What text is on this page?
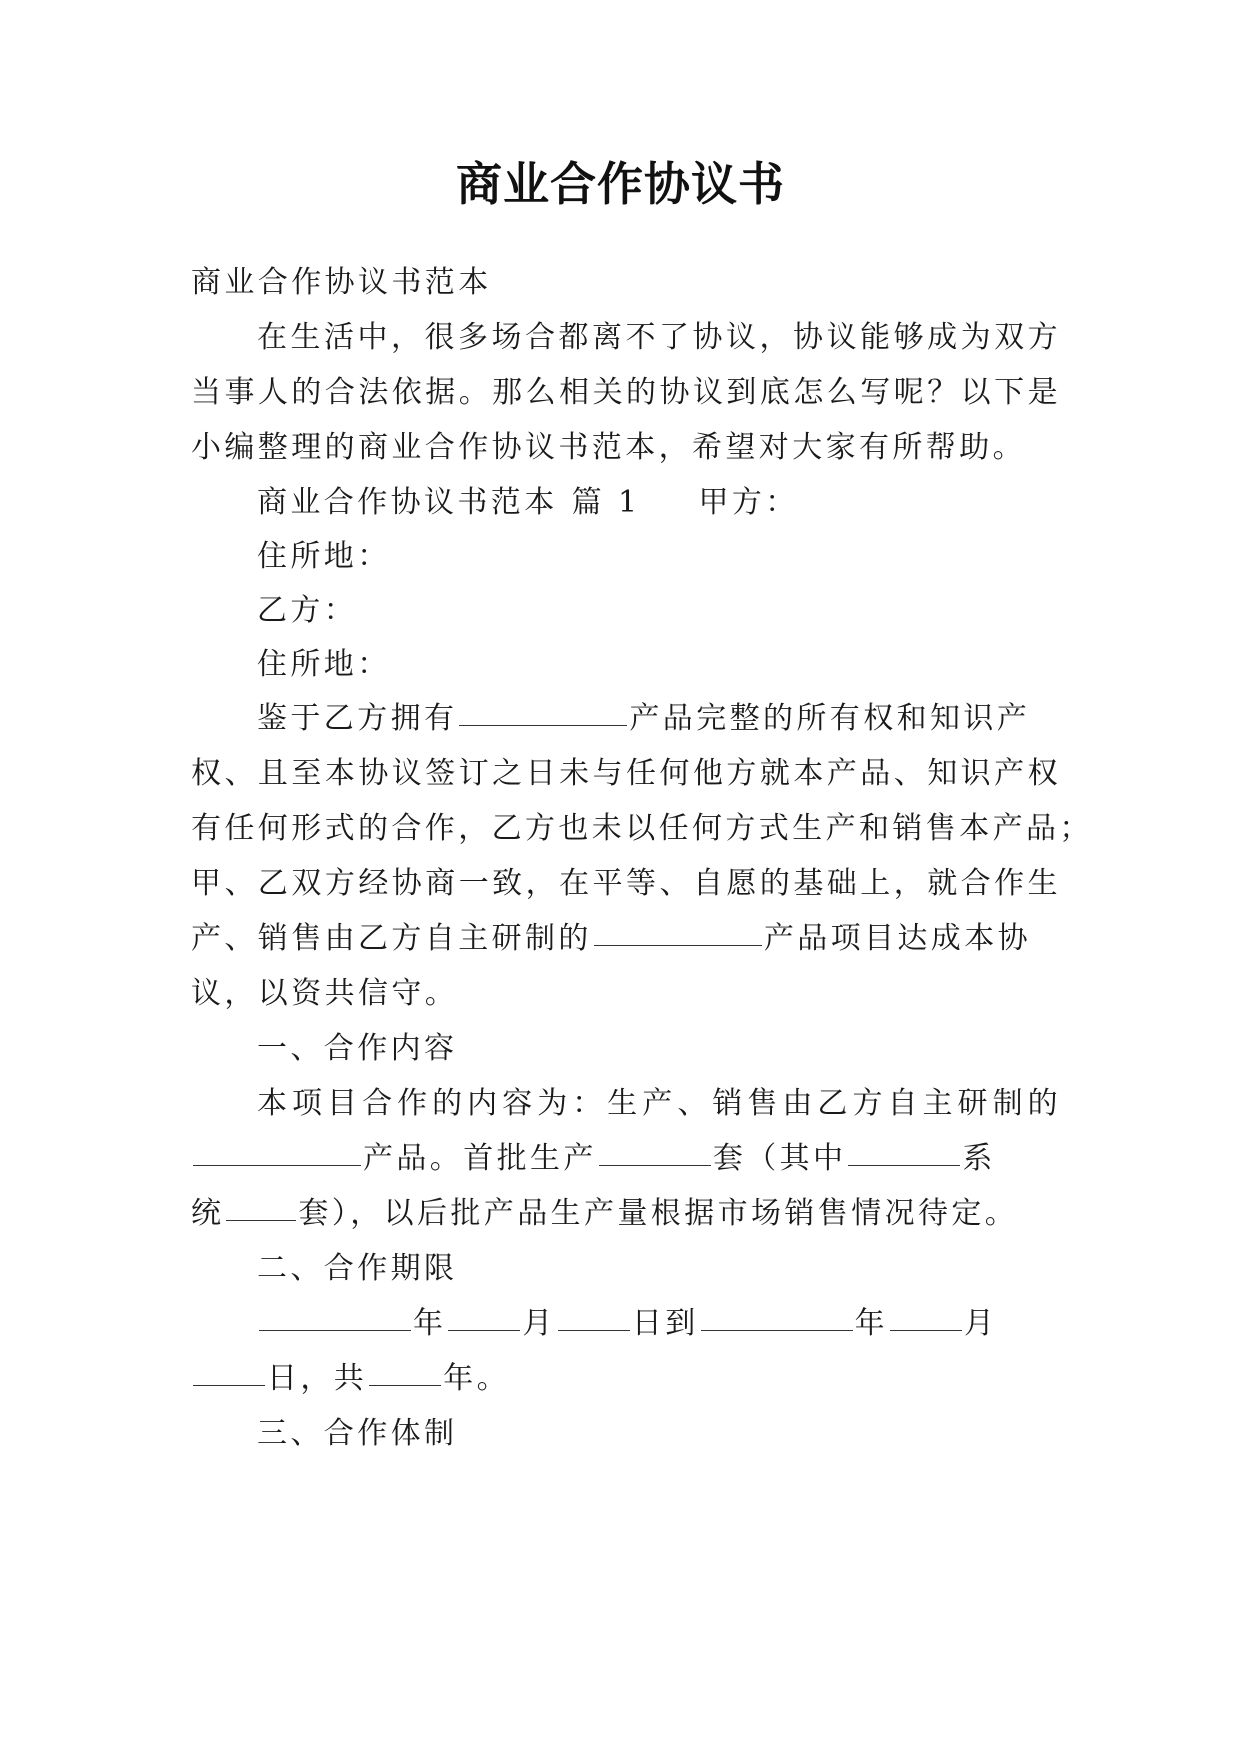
商业合作协议书
商业合作协议书范本
在生活中，很多场合都离不了协议，协议能够成为双方
当事人的合法依据。那么相关的协议到底怎么写呢？以下是
小编整理的商业合作协议书范本，希望对大家有所帮助。
商业合作协议书范本 篇 1 甲方：
住所地：
乙方：
住所地：
鉴于乙方拥有	产品完整的所有权和知识产
权、且至本协议签订之日未与任何他方就本产品、知识产权
有任何形式的合作，乙方也未以任何方式生产和销售本产品；
甲、乙双方经协商一致，在平等、自愿的基础上，就合作生
产、销售由乙方自主研制的	产品项目达成本协
议，以资共信守。
一、合作内容
本项目合作的内容为：生产、销售由乙方自主研制的
产品。首批生产	套（其中	系
统 套），以后批产品生产量根据市场销售情况待定。
二、合作期限
年	月	日到	年	月
日，共	年。
三、合作体制
